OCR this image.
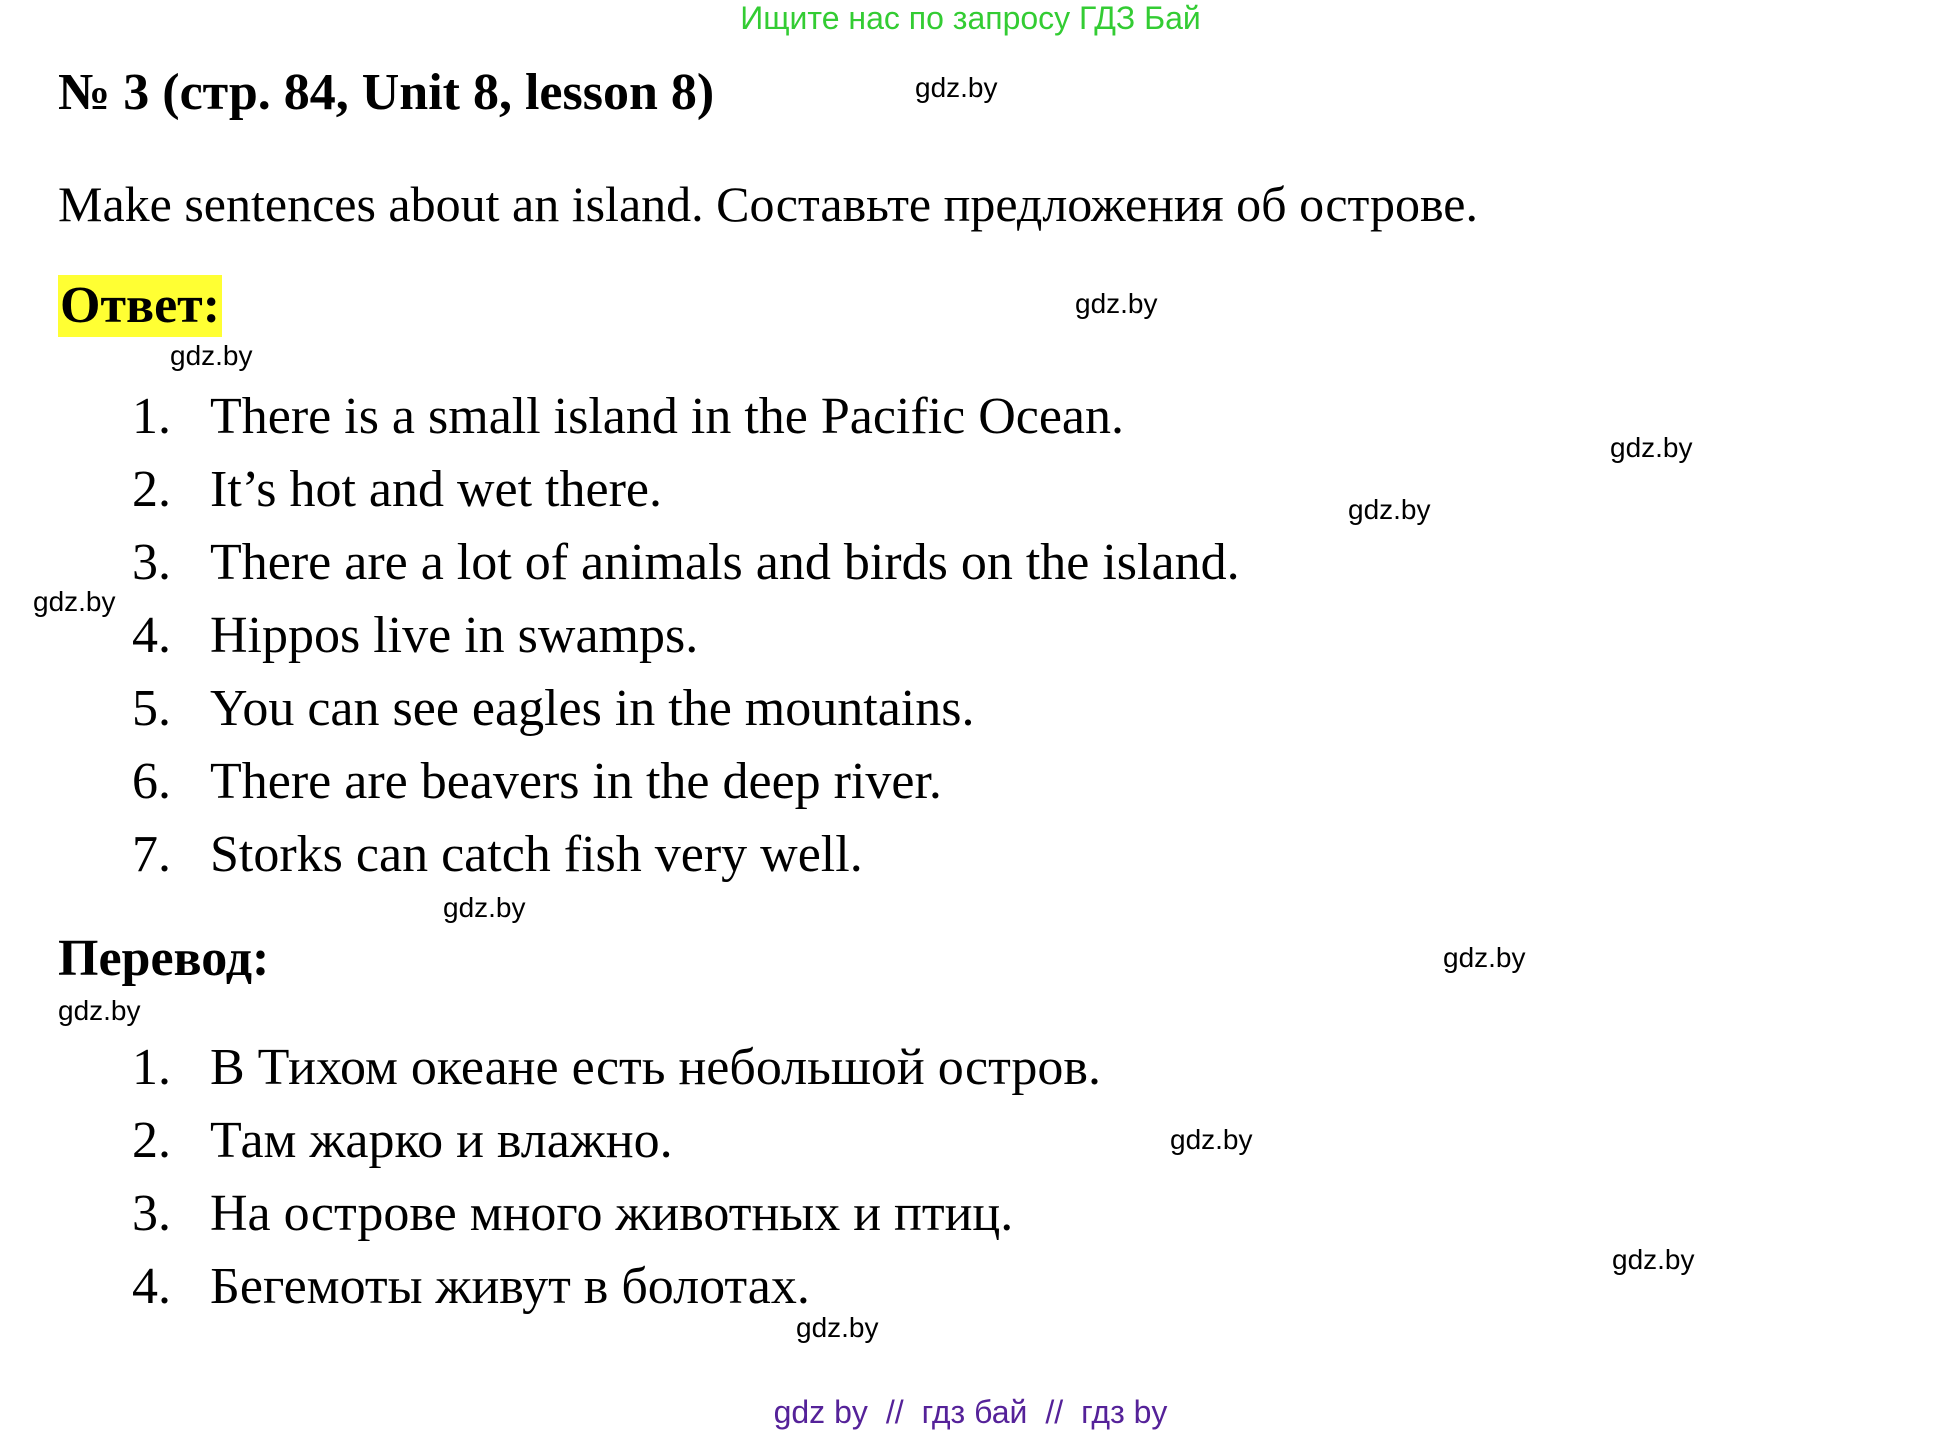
Ищите нас по запросу ГДЗ Бай
№ 3 (стр. 84, Unit 8, lesson 8)
Make sentences about an island. Составьте предложения об острове.
Ответ:
1. There is a small island in the Pacific Ocean.
2. It’s hot and wet there.
3. There are a lot of animals and birds on the island.
4. Hippos live in swamps.
5. You can see eagles in the mountains.
6. There are beavers in the deep river.
7. Storks can catch fish very well.
Перевод:
1. В Тихом океане есть небольшой остров.
2. Там жарко и влажно.
3. На острове много животных и птиц.
4. Бегемоты живут в болотах.
gdz.by
gdz.by
gdz.by
gdz.by
gdz.by
gdz.by
gdz.by
gdz.by
gdz.by
gdz.by
gdz.by
gdz.by
gdz by // гдз бай // гдз by
